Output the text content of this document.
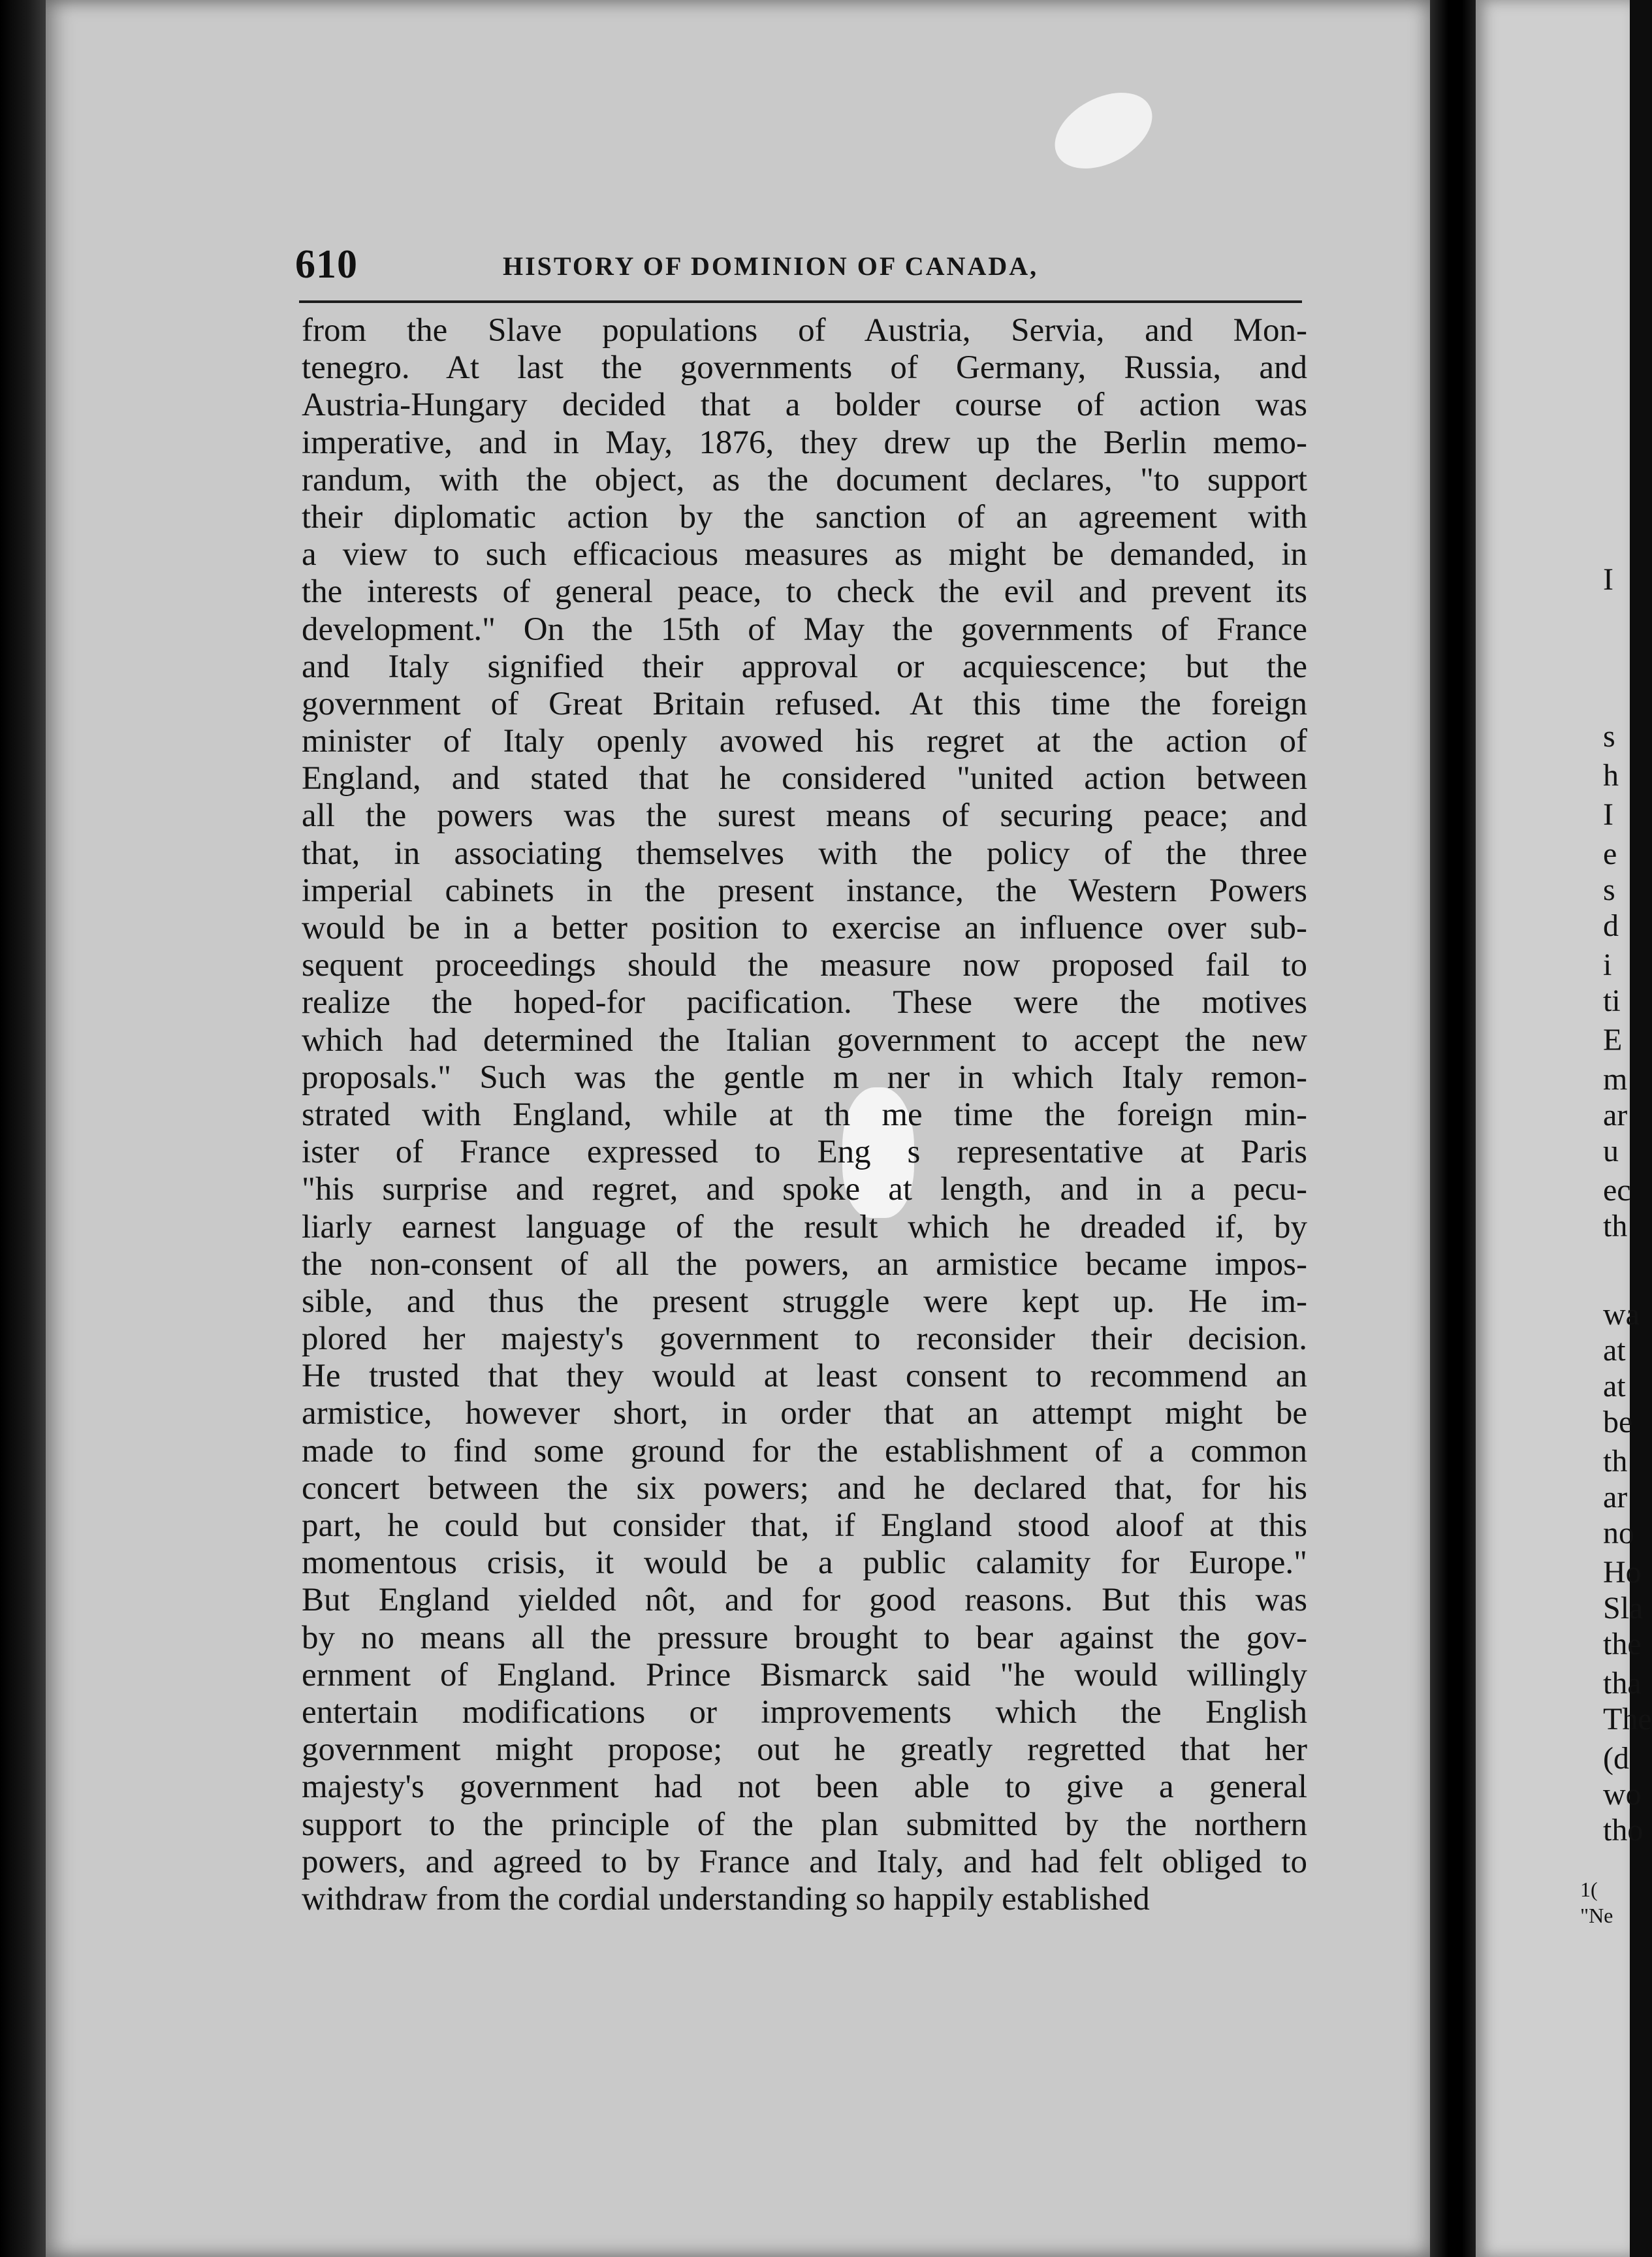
610	HISTORY OF DOMINION OF CANADA,
from the Slave populations of Austria, Servia, and Mon-
tenegro. At last the governments of Germany, Russia, and
Austria-Hungary decided that a bolder course of action was
imperative, and in May, 1876, they drew up the Berlin memo-
randum, with the object, as the document declares, "to support
their diplomatic action by the sanction of an agreement with
a view to such efficacious measures as might be demanded, in
the interests of general peace, to check the evil and prevent its
development." On the 15th of May the governments of France
and Italy signified their approval or acquiescence; but the
government of Great Britain refused. At this time the foreign
minister of Italy openly avowed his regret at the action of
England, and stated that he considered "united action between
all the powers was the surest means of securing peace; and
that, in associating themselves with the policy of the three
imperial cabinets in the present instance, the Western Powers
would be in a better position to exercise an influence over sub-
sequent proceedings should the measure now proposed fail to
realize the hoped-for pacification. These were the motives
which had determined the Italian government to accept the new
proposals." Such was the gentle m ner in which Italy remon-
strated with England, while at th me time the foreign min-
ister of France expressed to Eng s representative at Paris
"his surprise and regret, and spoke at length, and in a pecu-
liarly earnest language of the result which he dreaded if, by
the non-consent of all the powers, an armistice became impos-
sible, and thus the present struggle were kept up. He im-
plored her majesty's government to reconsider their decision.
He trusted that they would at least consent to recommend an
armistice, however short, in order that an attempt might be
made to find some ground for the establishment of a common
concert between the six powers; and he declared that, for his
part, he could but consider that, if England stood aloof at this
momentous crisis, it would be a public calamity for Europe."
But England yielded nôt, and for good reasons. But this was
by no means all the pressure brought to bear against the gov-
ernment of England. Prince Bismarck said "he would willingly
entertain modifications or improvements which the English
government might propose; out he greatly regretted that her
majesty's government had not been able to give a general
support to the principle of the plan submitted by the northern
powers, and agreed to by France and Italy, and had felt obliged to
withdraw from the cordial understanding so happily established
I
s
h
I
e
s
d
i
ti
E
m
ar
u
ec
th
wa
at
at
be
th
ar
no
Ho
Sla
the
tha
The
(d
wo
tho
1(
"Ne
